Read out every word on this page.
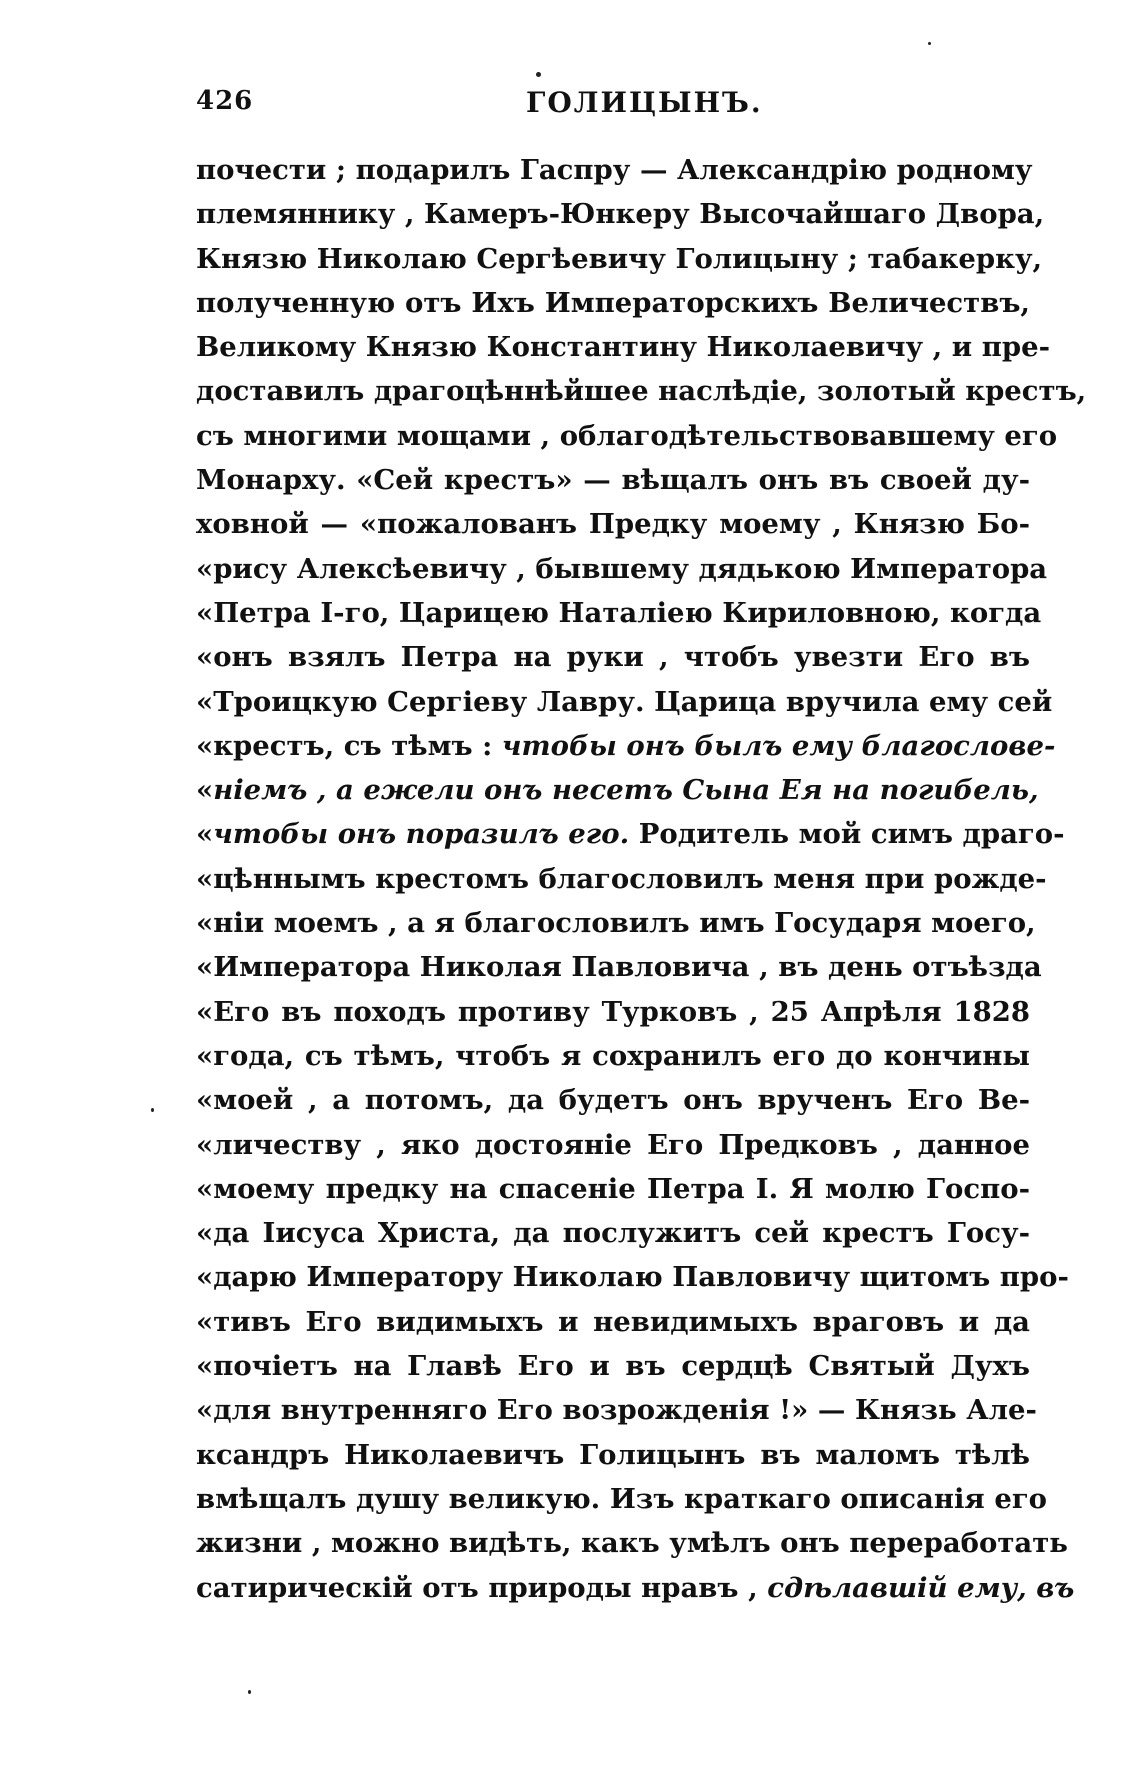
426	ГОЛИЦЫНЪ.
почести ; подарилъ Гаспру — Александрію родному
племяннику , Камеръ-Юнкеру Высочайшаго Двора,
Князю Николаю Сергѣевичу Голицыну ; табакерку,
полученную отъ Ихъ Императорскихъ Величествъ,
Великому Князю Константину Николаевичу , и пре-
доставилъ драгоцѣннѣйшее наслѣдіе, золотый крестъ,
съ многими мощами , облагодѣтельствовавшему его
Монарху. «Сей крестъ» — вѣщалъ онъ въ своей ду-
ховной — «пожалованъ Предку моему , Князю Бо-
«рису Алексѣевичу , бывшему дядькою Императора
«Петра I-го, Царицею Наталіею Кириловною, когда
«онъ взялъ Петра на руки , чтобъ увезти Его въ
«Троицкую Сергіеву Лавру. Царица вручила ему сей
«крестъ, съ тѣмъ : чтобы онъ былъ ему благослове-
«ніемъ , а ежели онъ несетъ Сына Ея на погибель,
«чтобы онъ поразилъ его. Родитель мой симъ драго-
«цѣннымъ крестомъ благословилъ меня при рожде-
«ніи моемъ , а я благословилъ имъ Государя моего,
«Императора Николая Павловича , въ день отъѣзда
«Его въ походъ противу Турковъ , 25 Апрѣля 1828
«года, съ тѣмъ, чтобъ я сохранилъ его до кончины
«моей , а потомъ, да будетъ онъ врученъ Его Ве-
«личеству , яко достояніе Его Предковъ , данное
«моему предку на спасеніе Петра I. Я молю Госпо-
«да Іисуса Христа, да послужитъ сей крестъ Госу-
«дарю Императору Николаю Павловичу щитомъ про-
«тивъ Его видимыхъ и невидимыхъ враговъ и да
«почіетъ на Главѣ Его и въ сердцѣ Святый Духъ
«для внутренняго Его возрожденія !» — Князь Але-
ксандръ Николаевичъ Голицынъ въ маломъ тѣлѣ
вмѣщалъ душу великую. Изъ краткаго описанія его
жизни , можно видѣть, какъ умѣлъ онъ переработать
сатирическій отъ природы нравъ , сдѣлавшій ему, въ
